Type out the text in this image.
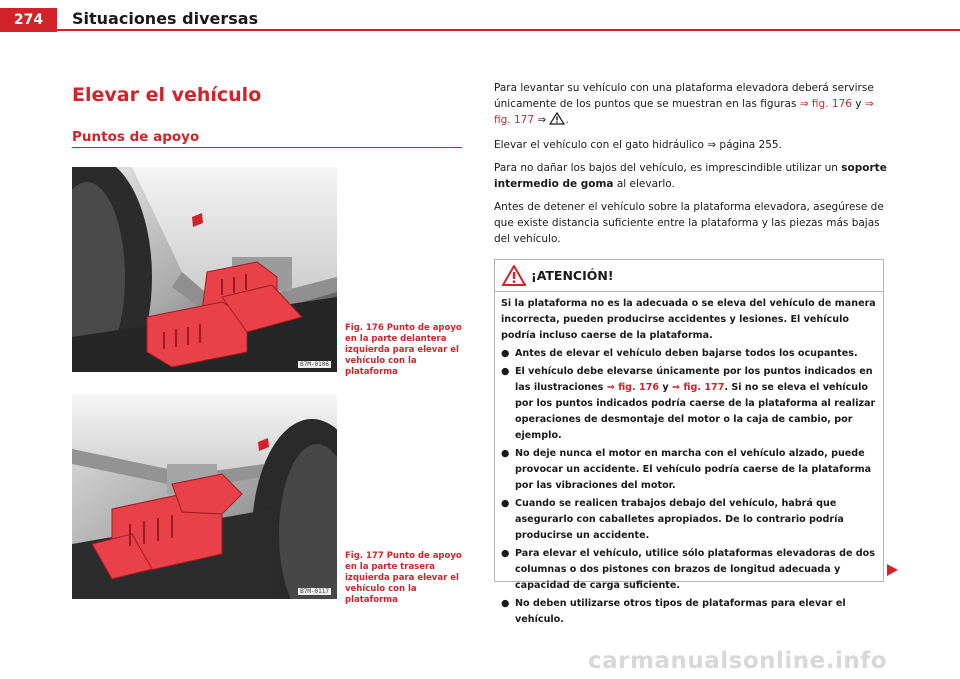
274	Situaciones diversas
Elevar el vehículo
Puntos de apoyo
B7M-0106
Fig. 176 Punto de apoyo en la parte delantera izquierda para elevar el vehículo con la plataforma
B7M-0117
Fig. 177 Punto de apoyo en la parte trasera izquierda para elevar el vehículo con la plataforma

Para levantar su vehículo con una plataforma elevadora deberá servirse únicamente de los puntos que se muestran en las figuras ⇒ fig. 176 y ⇒ fig. 177 ⇒ .

Elevar el vehículo con el gato hidráulico ⇒ página 255.

Para no dañar los bajos del vehículo, es imprescindible utilizar un soporte intermedio de goma al elevarlo.

Antes de detener el vehículo sobre la plataforma elevadora, asegúrese de que existe distancia suficiente entre la plataforma y las piezas más bajas del vehículo.

¡ATENCIÓN!

Si la plataforma no es la adecuada o se eleva del vehículo de manera incorrecta, pueden producirse accidentes y lesiones. El vehículo podría incluso caerse de la plataforma.

● Antes de elevar el vehículo deben bajarse todos los ocupantes.
● El vehículo debe elevarse únicamente por los puntos indicados en las ilustraciones ⇒ fig. 176 y ⇒ fig. 177. Si no se eleva el vehículo por los puntos indicados podría caerse de la plataforma al realizar operaciones de desmontaje del motor o la caja de cambio, por ejemplo.
● No deje nunca el motor en marcha con el vehículo alzado, puede provocar un accidente. El vehículo podría caerse de la plataforma por las vibraciones del motor.
● Cuando se realicen trabajos debajo del vehículo, habrá que asegurarlo con caballetes apropiados. De lo contrario podría producirse un accidente.
● Para elevar el vehículo, utilice sólo plataformas elevadoras de dos columnas o dos pistones con brazos de longitud adecuada y capacidad de carga suficiente.
● No deben utilizarse otros tipos de plataformas para elevar el vehículo.
carmanualsonline.info
